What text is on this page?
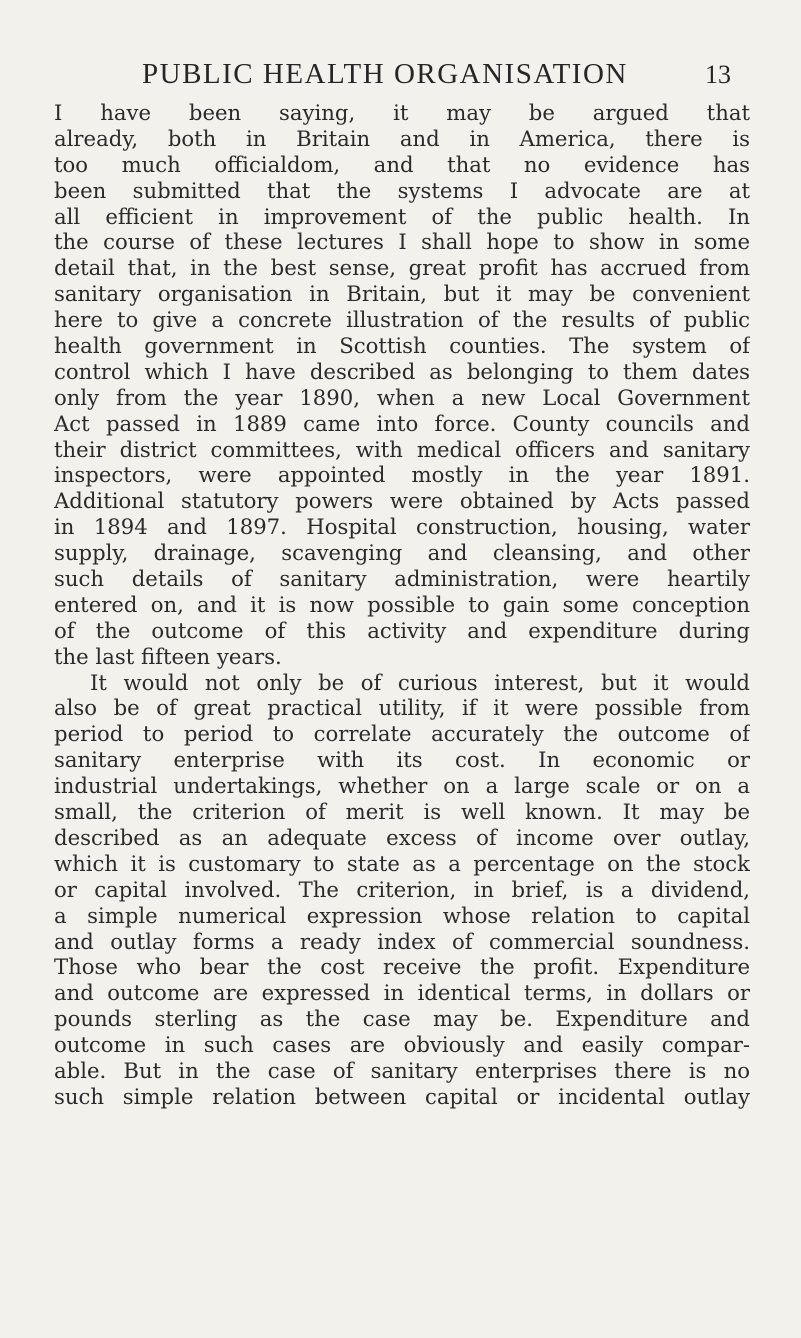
PUBLIC HEALTH ORGANISATION	13
I have been saying, it may be argued that
already, both in Britain and in America, there is
too much officialdom, and that no evidence has
been submitted that the systems I advocate are at
all efficient in improvement of the public health. In
the course of these lectures I shall hope to show in some
detail that, in the best sense, great profit has accrued from
sanitary organisation in Britain, but it may be convenient
here to give a concrete illustration of the results of public
health government in Scottish counties. The system of
control which I have described as belonging to them dates
only from the year 1890, when a new Local Government
Act passed in 1889 came into force. County councils and
their district committees, with medical officers and sanitary
inspectors, were appointed mostly in the year 1891.
Additional statutory powers were obtained by Acts passed
in 1894 and 1897. Hospital construction, housing, water
supply, drainage, scavenging and cleansing, and other
such details of sanitary administration, were heartily
entered on, and it is now possible to gain some conception
of the outcome of this activity and expenditure during
the last fifteen years.
It would not only be of curious interest, but it would
also be of great practical utility, if it were possible from
period to period to correlate accurately the outcome of
sanitary enterprise with its cost. In economic or
industrial undertakings, whether on a large scale or on a
small, the criterion of merit is well known. It may be
described as an adequate excess of income over outlay,
which it is customary to state as a percentage on the stock
or capital involved. The criterion, in brief, is a dividend,
a simple numerical expression whose relation to capital
and outlay forms a ready index of commercial soundness.
Those who bear the cost receive the profit. Expenditure
and outcome are expressed in identical terms, in dollars or
pounds sterling as the case may be. Expenditure and
outcome in such cases are obviously and easily compar-
able. But in the case of sanitary enterprises there is no
such simple relation between capital or incidental outlay
